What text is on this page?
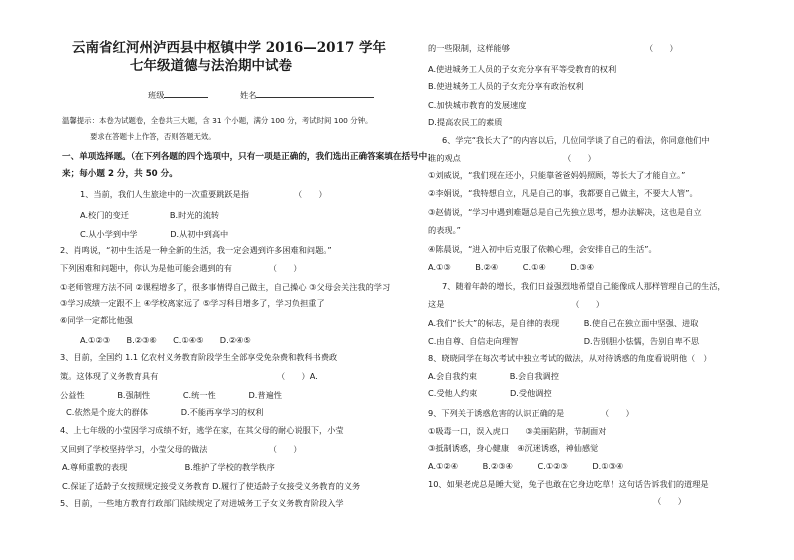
云南省红河州泸西县中枢镇中学 2016—2017 学年
七年级道德与法治期中试卷
班级	姓名
温馨提示：本卷为试题卷，全卷共三大题，含 31 个小题，满分 100 分，考试时间 100 分钟。
要求在答题卡上作答，否则答题无效。
一、单项选择题。（在下列各题的四个选项中，只有一项是正确的，我们选出正确答案填在括号中；
来；每小题 2 分，共 50 分。
1、当前，我们人生旅途中的一次重要跳跃是指　　　　　　（　　）
A.校门的变迁　　　　　B.时光的流转
C.从小学到中学　　　　D.从初中到高中
2、肖鸣说，“初中生活是一种全新的生活，我一定会遇到许多困难和问题。”
下列困难和问题中，你认为是他可能会遇到的有　　　　　（　　）
①老师管理方法不同 ②课程增多了，很多事情得自己做主，自己操心 ③父母会关注我的学习
③学习成绩一定跟不上 ④学校离家远了 ⑤学习科目增多了，学习负担重了
⑥同学一定都比他强
A.①②③　　B.②③⑥　　C.①④⑤　　D.②④⑤
3、目前，全国约 1.1 亿农村义务教育阶段学生全部享受免杂费和教科书费政
策。这体现了义务教育具有　　　　　　　　　　　　　　　（　　）A.
公益性　　　　B.强制性　　　　C.统一性　　　　D.普遍性
C.依然是个庞大的群体　　　　D.不能再享学习的权利
4、上七年级的小莹因学习成绩不好，逃学在家，在其父母的耐心说服下，小莹
又回到了学校坚持学习，小莹父母的做法　　　　　　　　（　　）
A.尊师重教的表现　　　　　　　B.维护了学校的教学秩序
C.保证了适龄子女按照规定接受义务教育 D.履行了使适龄子女接受义务教育的义务
5、目前，一些地方教育行政部门陆续规定了对进城务工子女义务教育阶段入学
的一些限制，这样能够　　　　　　　　　　　　　　　　　（　　）
A.使进城务工人员的子女充分享有平等受教育的权利
B.使进城务工人员的子女充分享有政治权利
C.加快城市教育的发展速度
D.提高农民工的素质
6、学完“我长大了”的内容以后，几位同学谈了自己的看法，你同意他们中
谁的观点　　　　　　　　　　　　　（　　）
①刘威说，“我们现在还小，只能靠爸爸妈妈照顾，等长大了才能自立。”
②李娟说，“我特想自立，凡是自己的事，我都要自己做主，不要大人管”。
③赵倩说，“学习中遇到难题总是自己先独立思考，想办法解决，这也是自立
的表现。”
④陈晨说，“进入初中后克服了依赖心理，会安排自己的生活”。
A.①③　　　B.②④　　　C.①④　　　D.③④
7、随着年龄的增长，我们日益强烈地希望自己能像成人那样管理自己的生活，
这是　　　　　　　　　　　　　　　　（　　）
A.我们“长大”的标志，是自律的表现　　　B.使自己在独立面中坚强、进取
C.由自尊、自信走向理智　　　　　　　　D.告别胆小怯懦，告别自卑不思
8、晓晓同学在每次考试中独立考试的做法，从对待诱惑的角度看说明他（　）
A.会自我约束　　　　B.会自我调控
C.受他人约束　　　　D.受他调控
9、下列关于诱惑危害的认识正确的是　　　　　（　　）
①吸毒一口，误入虎口　　③美丽陷阱，节制面对
③抵制诱惑，身心健康　④沉迷诱惑，神仙感觉
A.①②④　　　B.②③④　　　C.①②③　　　D.①③④
10、如果老虎总是睡大觉，兔子也敢在它身边吃草！这句话告诉我们的道理是
　　　　　　　　　　　　　　　　　　　　　　　　　　　　（　　）
